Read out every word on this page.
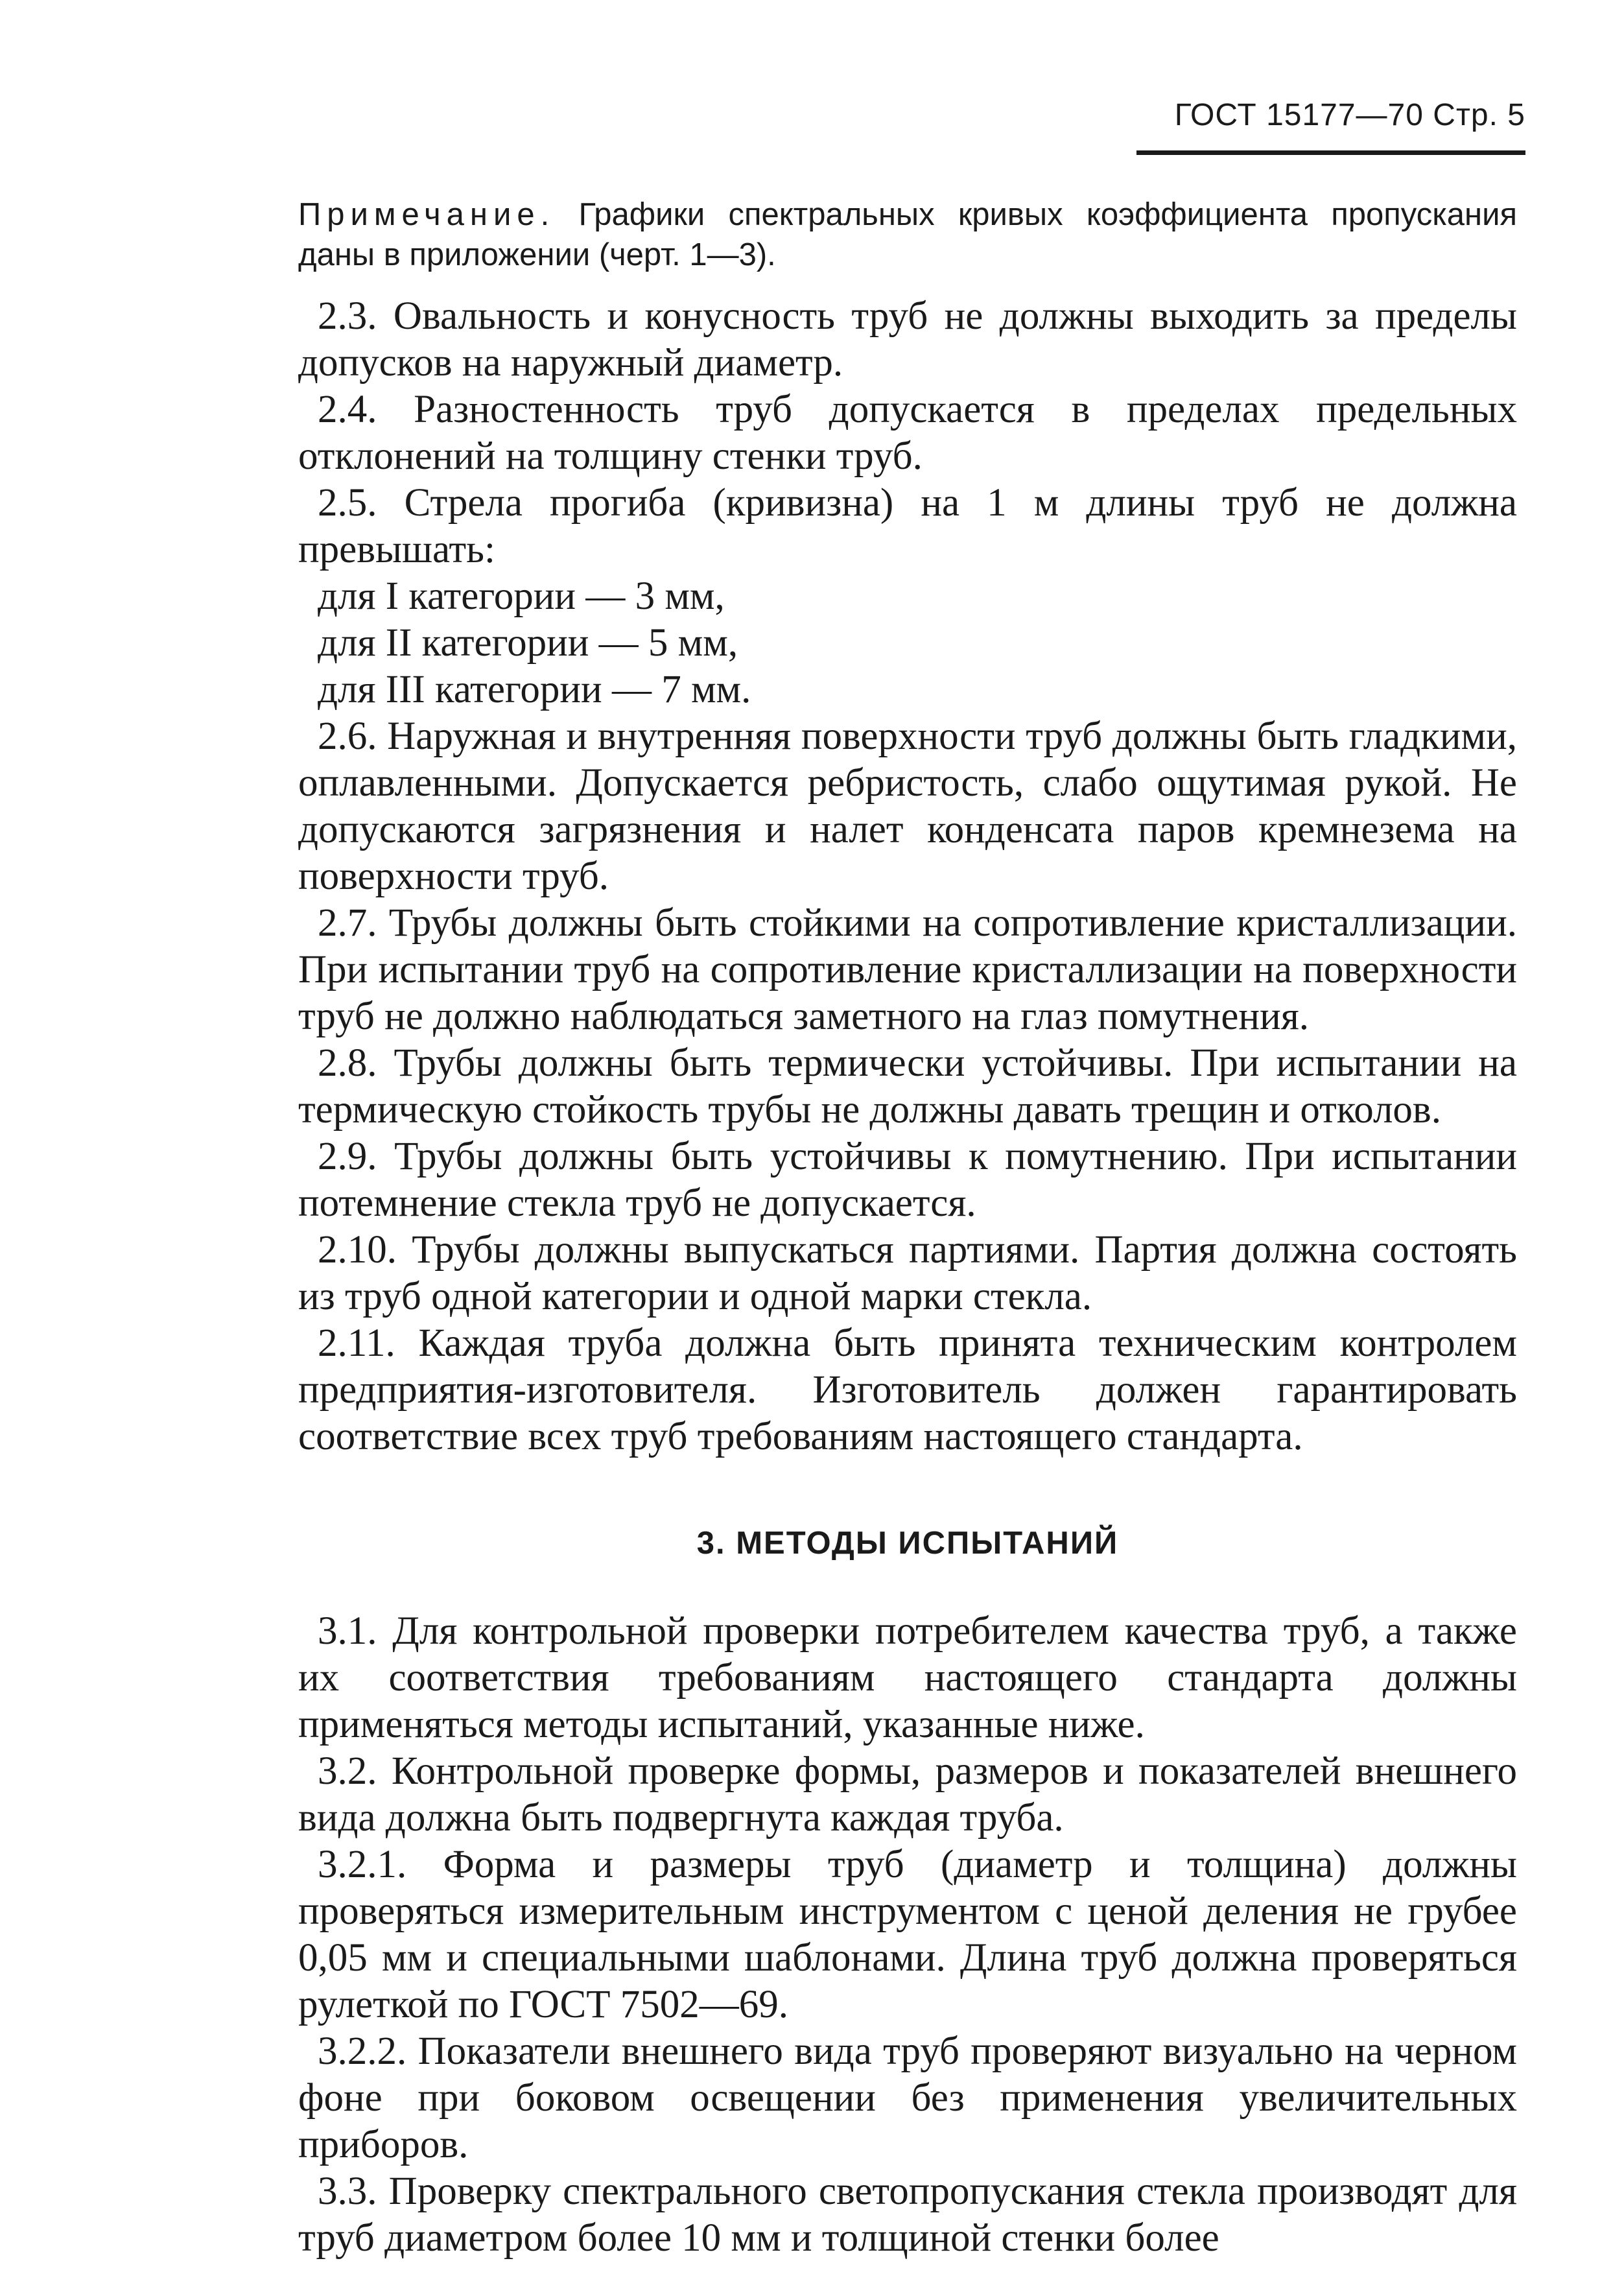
ГОСТ 15177—70 Стр. 5

Примечание. Графики спектральных кривых коэффициента пропускания даны в приложении (черт. 1—3).

2.3. Овальность и конусность труб не должны выходить за пределы допусков на наружный диаметр.

2.4. Разностенность труб допускается в пределах предельных отклонений на толщину стенки труб.

2.5. Стрела прогиба (кривизна) на 1 м длины труб не должна превышать:

для I категории — 3 мм,

для II категории — 5 мм,

для III категории — 7 мм.

2.6. Наружная и внутренняя поверхности труб должны быть гладкими, оплавленными. Допускается ребристость, слабо ощутимая рукой. Не допускаются загрязнения и налет конденсата паров кремнезема на поверхности труб.

2.7. Трубы должны быть стойкими на сопротивление кристаллизации. При испытании труб на сопротивление кристаллизации на поверхности труб не должно наблюдаться заметного на глаз помутнения.

2.8. Трубы должны быть термически устойчивы. При испытании на термическую стойкость трубы не должны давать трещин и отколов.

2.9. Трубы должны быть устойчивы к помутнению. При испытании потемнение стекла труб не допускается.

2.10. Трубы должны выпускаться партиями. Партия должна состоять из труб одной категории и одной марки стекла.

2.11. Каждая труба должна быть принята техническим контролем предприятия-изготовителя. Изготовитель должен гарантировать соответствие всех труб требованиям настоящего стандарта.

3. МЕТОДЫ ИСПЫТАНИЙ

3.1. Для контрольной проверки потребителем качества труб, а также их соответствия требованиям настоящего стандарта должны применяться методы испытаний, указанные ниже.

3.2. Контрольной проверке формы, размеров и показателей внешнего вида должна быть подвергнута каждая труба.

3.2.1. Форма и размеры труб (диаметр и толщина) должны проверяться измерительным инструментом с ценой деления не грубее 0,05 мм и специальными шаблонами. Длина труб должна проверяться рулеткой по ГОСТ 7502—69.

3.2.2. Показатели внешнего вида труб проверяют визуально на черном фоне при боковом освещении без применения увеличительных приборов.

3.3. Проверку спектрального светопропускания стекла производят для труб диаметром более 10 мм и толщиной стенки более
